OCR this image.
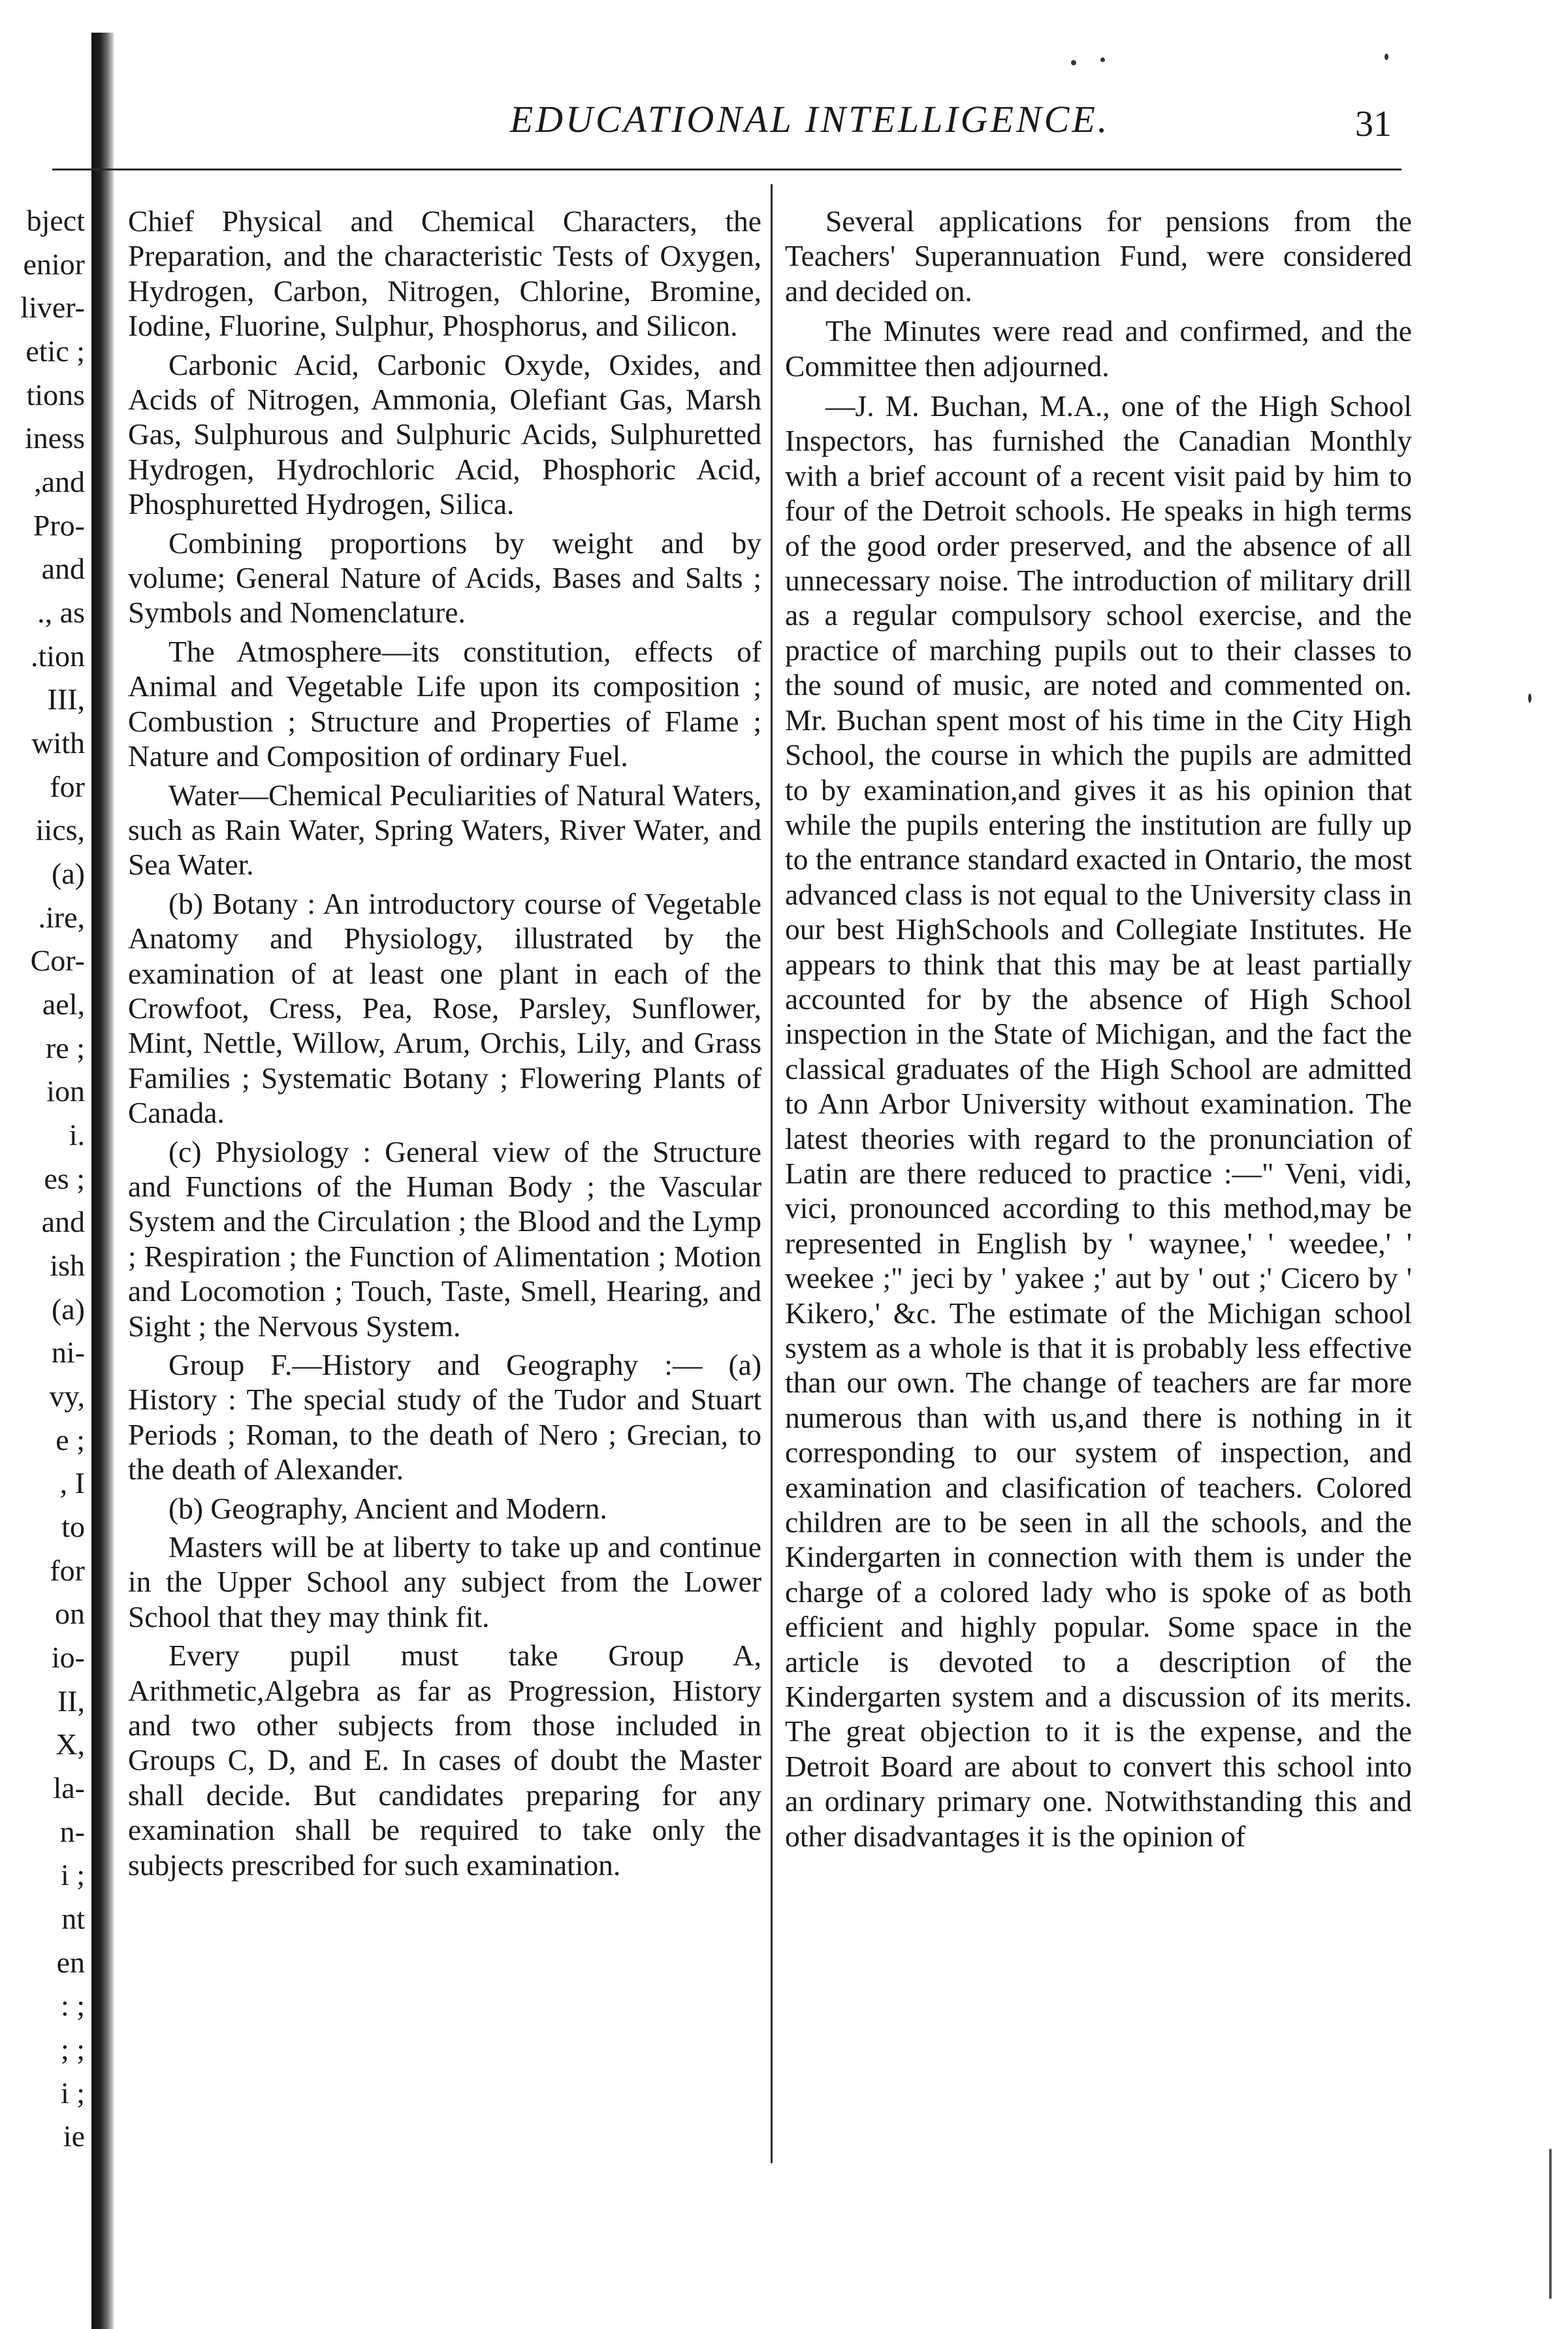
bject
enior
liver-
etic ;
tions
iness
,and
Pro-
and
., as
.tion
III,
with
for
iics,
(a)
.ire,
Cor-
ael,
re ;
ion
i.
es ;
and
ish
(a)
ni-
vy,
e ;
, I
to
for
on
io-
II,
X,
la-
n-
i ;
nt
en
: ;
; ;
i ;
ie
EDUCATIONAL INTELLIGENCE.	31

Chief Physical and Chemical Characters, the Preparation, and the characteristic Tests of Oxygen, Hydrogen, Carbon, Nitrogen, Chlorine, Bromine, Iodine, Fluorine, Sulphur, Phosphorus, and Silicon.

Carbonic Acid, Carbonic Oxyde, Oxides, and Acids of Nitrogen, Ammonia, Olefiant Gas, Marsh Gas, Sulphurous and Sulphuric Acids, Sulphuretted Hydrogen, Hydrochloric Acid, Phosphoric Acid, Phosphuretted Hydrogen, Silica.

Combining proportions by weight and by volume; General Nature of Acids, Bases and Salts ; Symbols and Nomenclature.

The Atmosphere—its constitution, effects of Animal and Vegetable Life upon its composition ; Combustion ; Structure and Properties of Flame ; Nature and Composition of ordinary Fuel.

Water—Chemical Peculiarities of Natural Waters, such as Rain Water, Spring Waters, River Water, and Sea Water.

(b) Botany : An introductory course of Vegetable Anatomy and Physiology, illustrated by the examination of at least one plant in each of the Crowfoot, Cress, Pea, Rose, Parsley, Sunflower, Mint, Nettle, Willow, Arum, Orchis, Lily, and Grass Families ; Systematic Botany ; Flowering Plants of Canada.

(c) Physiology : General view of the Structure and Functions of the Human Body ; the Vascular System and the Circulation ; the Blood and the Lymp ; Respiration ; the Function of Alimentation ; Motion and Locomotion ; Touch, Taste, Smell, Hearing, and Sight ; the Nervous System.

Group F.—History and Geography :— (a) History : The special study of the Tudor and Stuart Periods ; Roman, to the death of Nero ; Grecian, to the death of Alexander.

(b) Geography, Ancient and Modern.

Masters will be at liberty to take up and continue in the Upper School any subject from the Lower School that they may think fit.

Every pupil must take Group A, Arithmetic,Algebra as far as Progression, History and two other subjects from those included in Groups C, D, and E. In cases of doubt the Master shall decide. But candidates preparing for any examination shall be required to take only the subjects prescribed for such examination.

Several applications for pensions from the Teachers' Superannuation Fund, were considered and decided on.

The Minutes were read and confirmed, and the Committee then adjourned.

—J. M. Buchan, M.A., one of the High School Inspectors, has furnished the Canadian Monthly with a brief account of a recent visit paid by him to four of the Detroit schools. He speaks in high terms of the good order preserved, and the absence of all unnecessary noise. The introduction of military drill as a regular compulsory school exercise, and the practice of marching pupils out to their classes to the sound of music, are noted and commented on. Mr. Buchan spent most of his time in the City High School, the course in which the pupils are admitted to by examination,and gives it as his opinion that while the pupils entering the institution are fully up to the entrance standard exacted in Ontario, the most advanced class is not equal to the University class in our best HighSchools and Collegiate Institutes. He appears to think that this may be at least partially accounted for by the absence of High School inspection in the State of Michigan, and the fact the classical graduates of the High School are admitted to Ann Arbor University without examination. The latest theories with regard to the pronunciation of Latin are there reduced to practice :—" Veni, vidi, vici, pronounced according to this method,may be represented in English by ' waynee,' ' weedee,' ' weekee ;" jeci by ' yakee ;' aut by ' out ;' Cicero by ' Kikero,' &c. The estimate of the Michigan school system as a whole is that it is probably less effective than our own. The change of teachers are far more numerous than with us,and there is nothing in it corresponding to our system of inspection, and examination and clasification of teachers. Colored children are to be seen in all the schools, and the Kindergarten in connection with them is under the charge of a colored lady who is spoke of as both efficient and highly popular. Some space in the article is devoted to a description of the Kindergarten system and a discussion of its merits. The great objection to it is the expense, and the Detroit Board are about to convert this school into an ordinary primary one. Notwithstanding this and other disadvantages it is the opinion of
